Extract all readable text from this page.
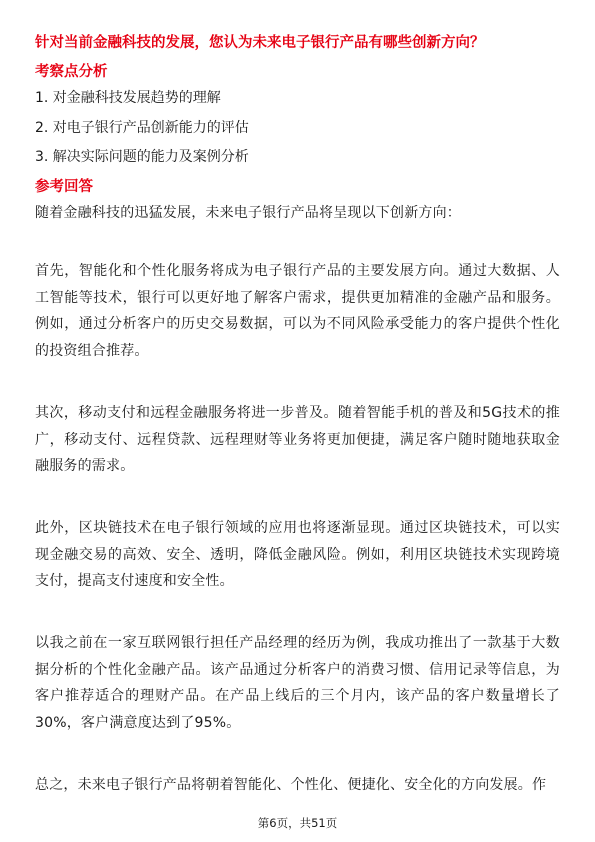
针对当前金融科技的发展，您认为未来电子银行产品有哪些创新方向？
考察点分析
1. 对金融科技发展趋势的理解
2. 对电子银行产品创新能力的评估
3. 解决实际问题的能力及案例分析
参考回答
随着金融科技的迅猛发展，未来电子银行产品将呈现以下创新方向：
首先，智能化和个性化服务将成为电子银行产品的主要发展方向。通过大数据、人工智能等技术，银行可以更好地了解客户需求，提供更加精准的金融产品和服务。例如，通过分析客户的历史交易数据，可以为不同风险承受能力的客户提供个性化的投资组合推荐。
其次，移动支付和远程金融服务将进一步普及。随着智能手机的普及和5G技术的推广，移动支付、远程贷款、远程理财等业务将更加便捷，满足客户随时随地获取金融服务的需求。
此外，区块链技术在电子银行领域的应用也将逐渐显现。通过区块链技术，可以实现金融交易的高效、安全、透明，降低金融风险。例如，利用区块链技术实现跨境支付，提高支付速度和安全性。
以我之前在一家互联网银行担任产品经理的经历为例，我成功推出了一款基于大数据分析的个性化金融产品。该产品通过分析客户的消费习惯、信用记录等信息，为客户推荐适合的理财产品。在产品上线后的三个月内，该产品的客户数量增长了30%，客户满意度达到了95%。
总之，未来电子银行产品将朝着智能化、个性化、便捷化、安全化的方向发展。作
第6页，共51页
